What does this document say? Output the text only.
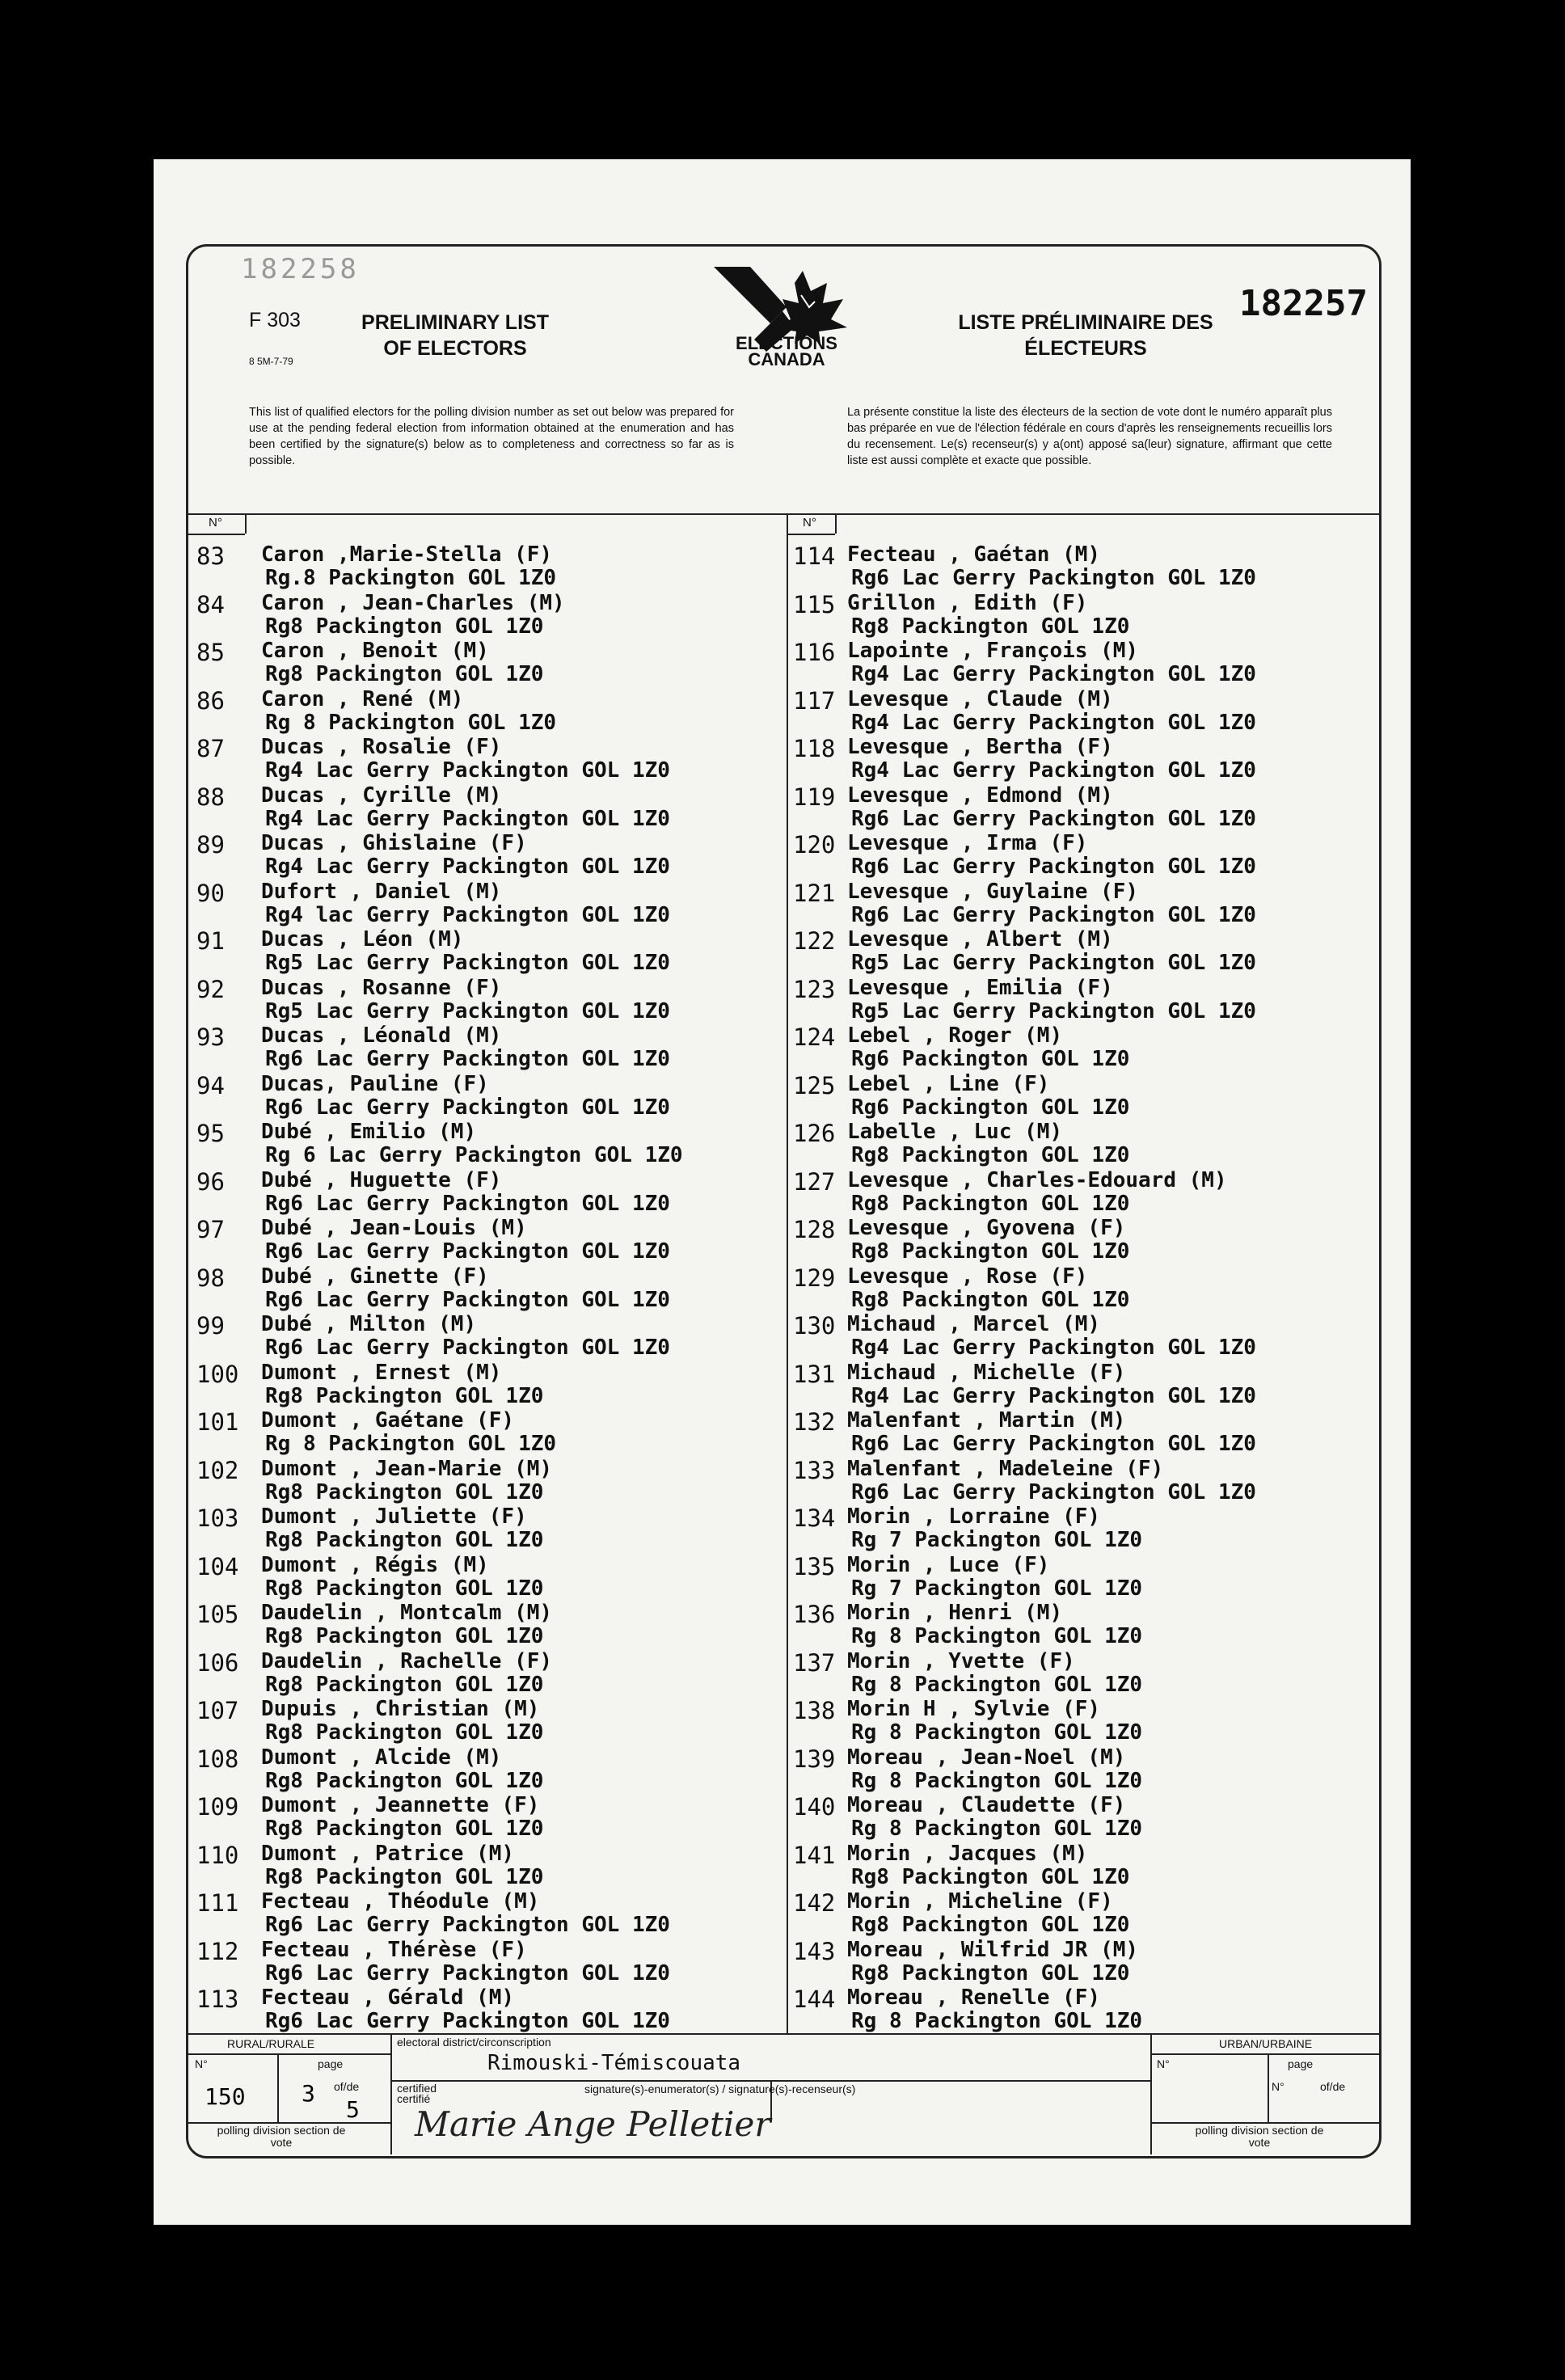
182258
F 303
8 5M-7-79
PRELIMINARY LIST OF ELECTORS	ELECTIONS CANADA
LISTE PRÉLIMINAIRE DES ÉLECTEURS
182257
This list of qualified electors for the polling division number as set out below was prepared for use at the pending federal election from information obtained at the enumeration and has been certified by the signature(s) below as to completeness and correctness so far as is possible.
La présente constitue la liste des électeurs de la section de vote dont le numéro apparaît plus bas préparée en vue de l'élection fédérale en cours d'après les renseignements recueillis lors du recensement. Le(s) recenseur(s) y a(ont) apposé sa(leur) signature, affirmant que cette liste est aussi complète et exacte que possible.
N°	N°
83 Caron ,Marie-Stella (F)
Rg.8 Packington GOL 1Z0
84 Caron , Jean-Charles (M)
Rg8 Packington GOL 1Z0
85 Caron , Benoit (M)
Rg8 Packington GOL 1Z0
86 Caron , René (M)
Rg 8 Packington GOL 1Z0
87 Ducas , Rosalie (F)
Rg4 Lac Gerry Packington GOL 1Z0
88 Ducas , Cyrille (M)
Rg4 Lac Gerry Packington GOL 1Z0
89 Ducas , Ghislaine (F)
Rg4 Lac Gerry Packington GOL 1Z0
90 Dufort , Daniel (M)
Rg4 lac Gerry Packington GOL 1Z0
91 Ducas , Léon (M)
Rg5 Lac Gerry Packington GOL 1Z0
92 Ducas , Rosanne (F)
Rg5 Lac Gerry Packington GOL 1Z0
93 Ducas , Léonald (M)
Rg6 Lac Gerry Packington GOL 1Z0
94 Ducas, Pauline (F)
Rg6 Lac Gerry Packington GOL 1Z0
95 Dubé , Emilio (M)
Rg 6 Lac Gerry Packington GOL 1Z0
96 Dubé , Huguette (F)
Rg6 Lac Gerry Packington GOL 1Z0
97 Dubé , Jean-Louis (M)
Rg6 Lac Gerry Packington GOL 1Z0
98 Dubé , Ginette (F)
Rg6 Lac Gerry Packington GOL 1Z0
99 Dubé , Milton (M)
Rg6 Lac Gerry Packington GOL 1Z0
100 Dumont , Ernest (M)
Rg8 Packington GOL 1Z0
101 Dumont , Gaétane (F)
Rg 8 Packington GOL 1Z0
102 Dumont , Jean-Marie (M)
Rg8 Packington GOL 1Z0
103 Dumont , Juliette (F)
Rg8 Packington GOL 1Z0
104 Dumont , Régis (M)
Rg8 Packington GOL 1Z0
105 Daudelin , Montcalm (M)
Rg8 Packington GOL 1Z0
106 Daudelin , Rachelle (F)
Rg8 Packington GOL 1Z0
107 Dupuis , Christian (M)
Rg8 Packington GOL 1Z0
108 Dumont , Alcide (M)
Rg8 Packington GOL 1Z0
109 Dumont , Jeannette (F)
Rg8 Packington GOL 1Z0
110 Dumont , Patrice (M)
Rg8 Packington GOL 1Z0
111 Fecteau , Théodule (M)
Rg6 Lac Gerry Packington GOL 1Z0
112 Fecteau , Thérèse (F)
Rg6 Lac Gerry Packington GOL 1Z0
113 Fecteau , Gérald (M)
Rg6 Lac Gerry Packington GOL 1Z0
114 Fecteau , Gaétan (M)
Rg6 Lac Gerry Packington GOL 1Z0
115 Grillon , Edith (F)
Rg8 Packington GOL 1Z0
116 Lapointe , François (M)
Rg4 Lac Gerry Packington GOL 1Z0
117 Levesque , Claude (M)
Rg4 Lac Gerry Packington GOL 1Z0
118 Levesque , Bertha (F)
Rg4 Lac Gerry Packington GOL 1Z0
119 Levesque , Edmond (M)
Rg6 Lac Gerry Packington GOL 1Z0
120 Levesque , Irma (F)
Rg6 Lac Gerry Packington GOL 1Z0
121 Levesque , Guylaine (F)
Rg6 Lac Gerry Packington GOL 1Z0
122 Levesque , Albert (M)
Rg5 Lac Gerry Packington GOL 1Z0
123 Levesque , Emilia (F)
Rg5 Lac Gerry Packington GOL 1Z0
124 Lebel , Roger (M)
Rg6 Packington GOL 1Z0
125 Lebel , Line (F)
Rg6 Packington GOL 1Z0
126 Labelle , Luc (M)
Rg8 Packington GOL 1Z0
127 Levesque , Charles-Edouard (M)
Rg8 Packington GOL 1Z0
128 Levesque , Gyovena (F)
Rg8 Packington GOL 1Z0
129 Levesque , Rose (F)
Rg8 Packington GOL 1Z0
130 Michaud , Marcel (M)
Rg4 Lac Gerry Packington GOL 1Z0
131 Michaud , Michelle (F)
Rg4 Lac Gerry Packington GOL 1Z0
132 Malenfant , Martin (M)
Rg6 Lac Gerry Packington GOL 1Z0
133 Malenfant , Madeleine (F)
Rg6 Lac Gerry Packington GOL 1Z0
134 Morin , Lorraine (F)
Rg 7 Packington GOL 1Z0
135 Morin , Luce (F)
Rg 7 Packington GOL 1Z0
136 Morin , Henri (M)
Rg 8 Packington GOL 1Z0
137 Morin , Yvette (F)
Rg 8 Packington GOL 1Z0
138 Morin H , Sylvie (F)
Rg 8 Packington GOL 1Z0
139 Moreau , Jean-Noel (M)
Rg 8 Packington GOL 1Z0
140 Moreau , Claudette (F)
Rg 8 Packington GOL 1Z0
141 Morin , Jacques (M)
Rg8 Packington GOL 1Z0
142 Morin , Micheline (F)
Rg8 Packington GOL 1Z0
143 Moreau , Wilfrid JR (M)
Rg8 Packington GOL 1Z0
144 Moreau , Renelle (F)
Rg 8 Packington GOL 1Z0
RURAL/RURALE	URBAN/URBAINE
N°	page
of/de
150 3
5
polling division section de vote
N°	page
of/de
N°
polling division section de vote
electoral district/circonscription
Rimouski-Témiscouata
certified certifié
signature(s)-enumerator(s) / signature(s)-recenseur(s)
Marie Ange Pelletier
